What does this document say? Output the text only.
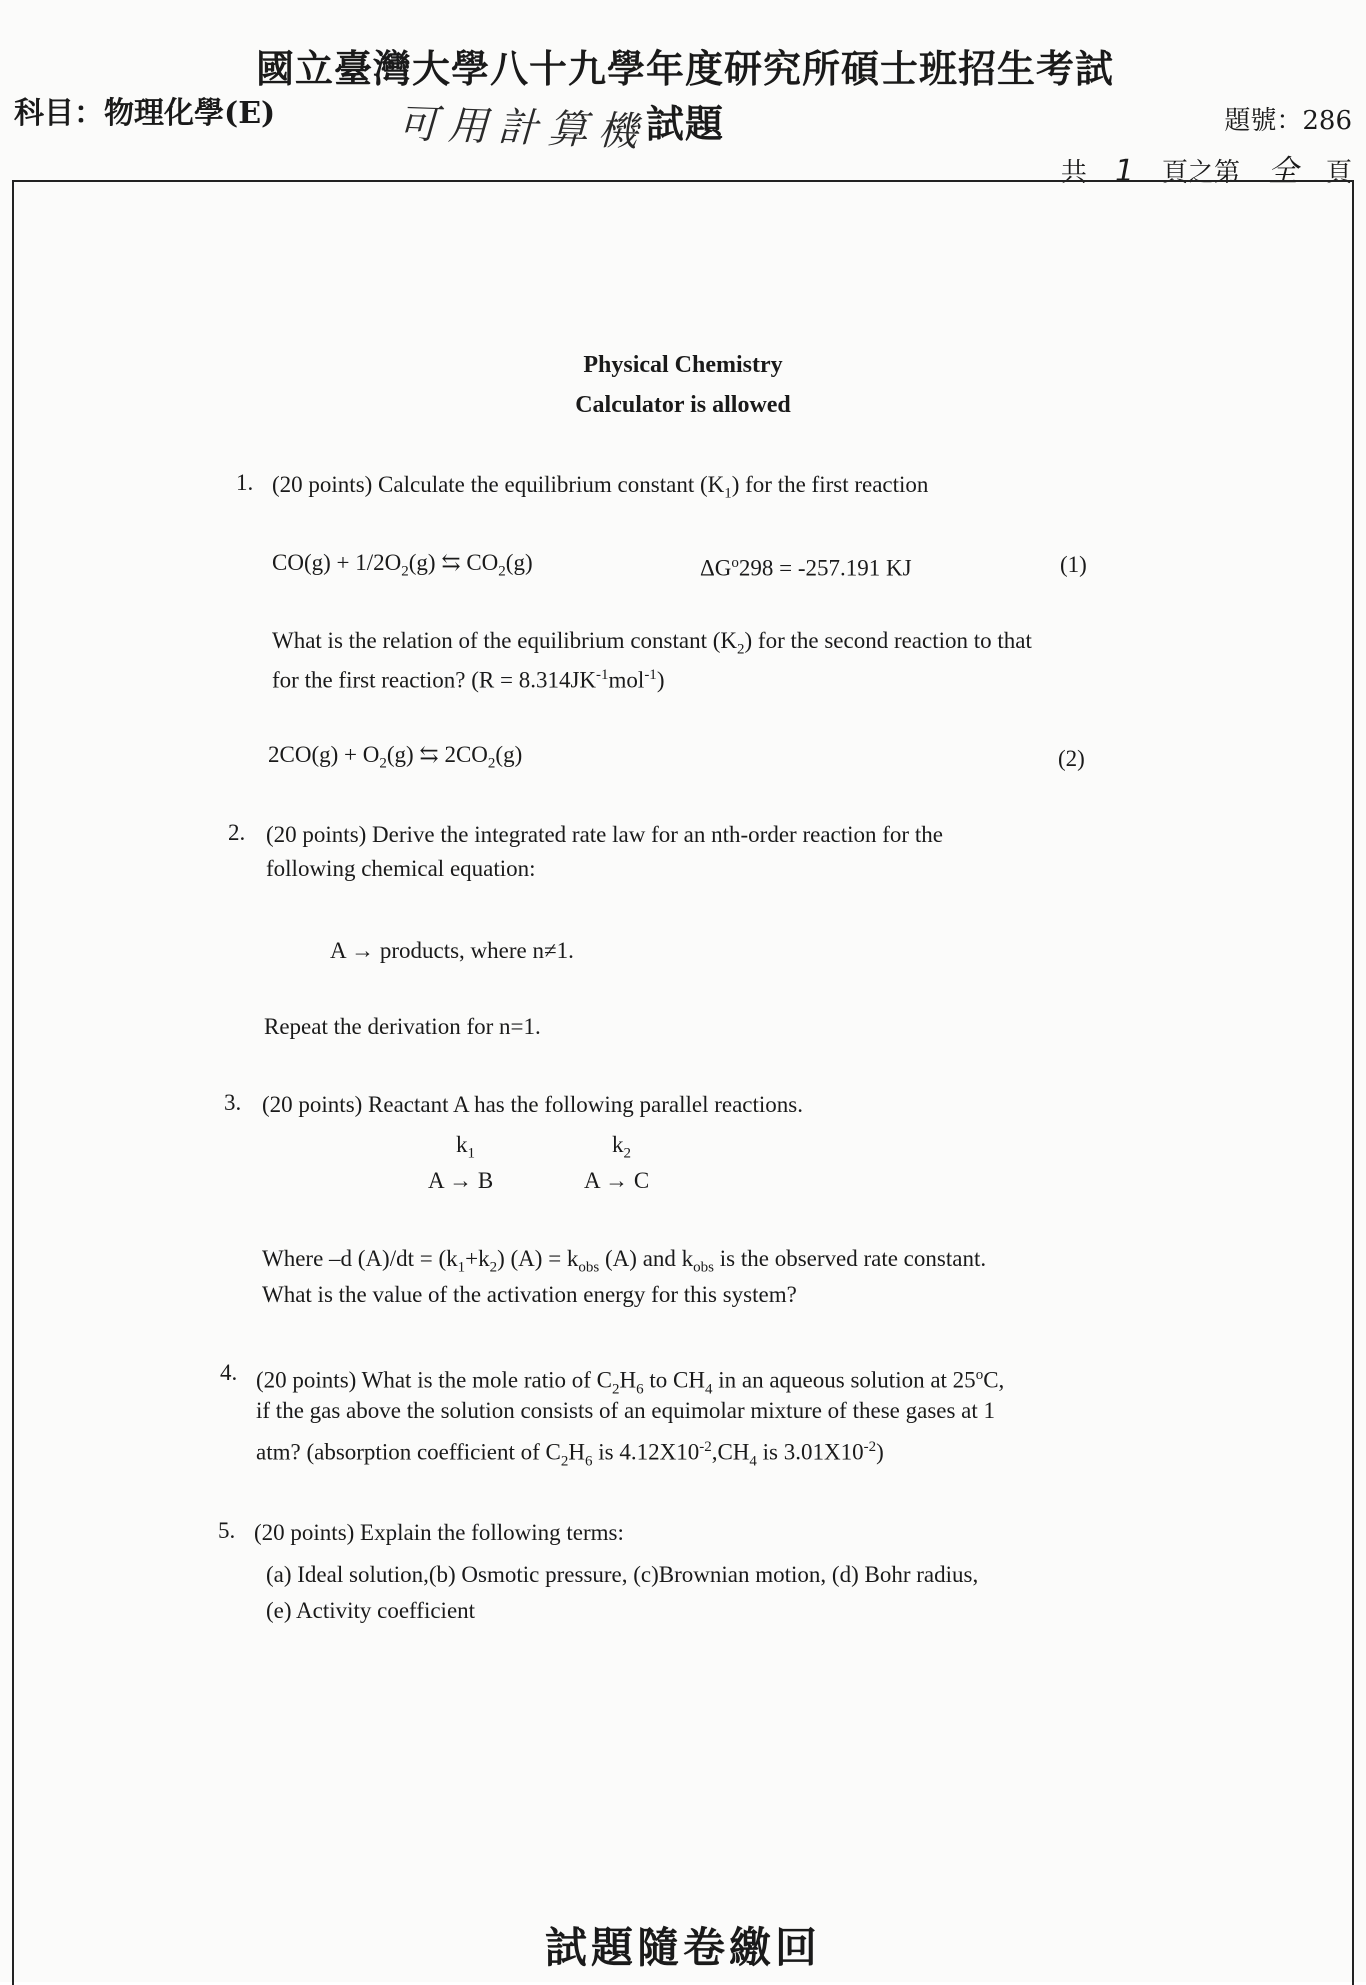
國立臺灣大學八十九學年度研究所碩士班招生考試試題
科目：物理化學(E)	可用計算機	題號：286
共 1 頁之第 全 頁
Physical Chemistry
Calculator is allowed
1. (20 points) Calculate the equilibrium constant $(K_1)$ for the first reaction
$CO(g) + 1/2O_2(g)$ ⇆ $CO_2(g)$	$\Delta G^o298 = -257.191$ KJ	(1)
What is the relation of the equilibrium constant $(K_2)$ for the second reaction to that
for the first reaction? $(R = 8.314JK^{-1}mol^{-1})$
$2CO(g) + O_2(g)$ ⇆ $2CO_2(g)$	(2)
2. (20 points) Derive the integrated rate law for an nth-order reaction for the
following chemical equation:
A → products, where n≠1.
Repeat the derivation for n=1.
3. (20 points) Reactant A has the following parallel reactions.
$k_1$	$k_2$
A → B	A → C
Where –d $(A)/dt = (k_1+k_2) (A) = k_{obs}$ (A) and $k_{obs}$ is the observed rate constant.
What is the value of the activation energy for this system?
4. (20 points) What is the mole ratio of $C_2H_6$ to $CH_4$ in an aqueous solution at 25$^o$C,
if the gas above the solution consists of an equimolar mixture of these gases at 1
atm? (absorption coefficient of $C_2H_6$ is $4.12X10^{-2},CH_4$ is $3.01X10^{-2}$)
5. (20 points) Explain the following terms:
(a) Ideal solution,(b) Osmotic pressure, (c)Brownian motion, (d) Bohr radius,
(e) Activity coefficient
試題隨卷繳回
